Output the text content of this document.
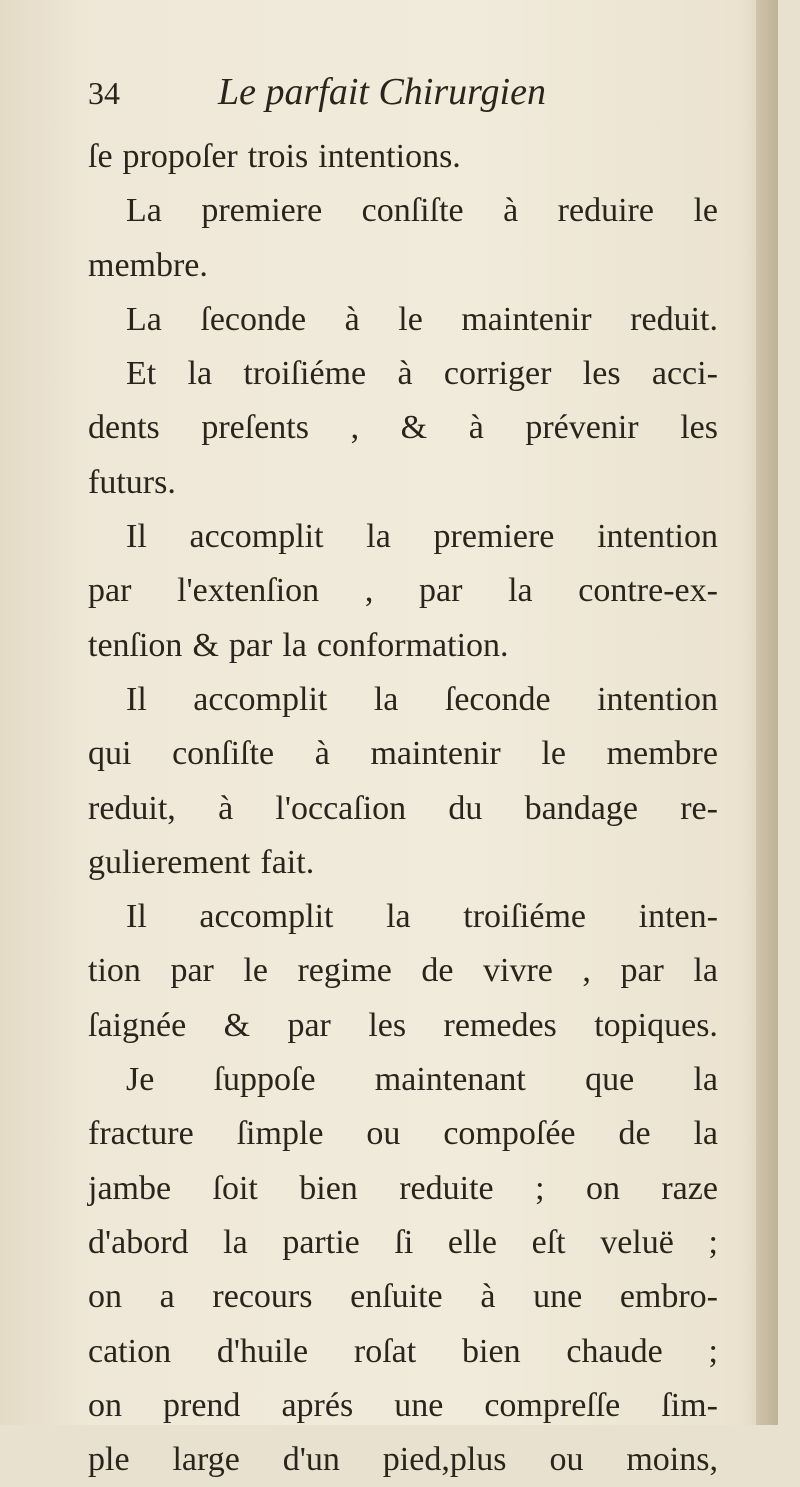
34	Le parfait Chirurgien
ſe propoſer trois intentions.
La premiere conſiſte à reduire le
membre.
La ſeconde à le maintenir reduit.
Et la troiſiéme à corriger les acci-
dents preſents , & à prévenir les
futurs.
Il accomplit la premiere intention
par l'extenſion , par la contre-ex-
tenſion & par la conformation.
Il accomplit la ſeconde intention
qui conſiſte à maintenir le membre
reduit, à l'occaſion du bandage re-
gulierement fait.
Il accomplit la troiſiéme inten-
tion par le regime de vivre , par la
ſaignée & par les remedes topiques.
Je ſuppoſe maintenant que la
fracture ſimple ou compoſée de la
jambe ſoit bien reduite ; on raze
d'abord la partie ſi elle eſt veluë ;
on a recours enſuite à une embro-
cation d'huile roſat bien chaude ;
on prend aprés une compreſſe ſim-
ple large d'un pied,plus ou moins,
